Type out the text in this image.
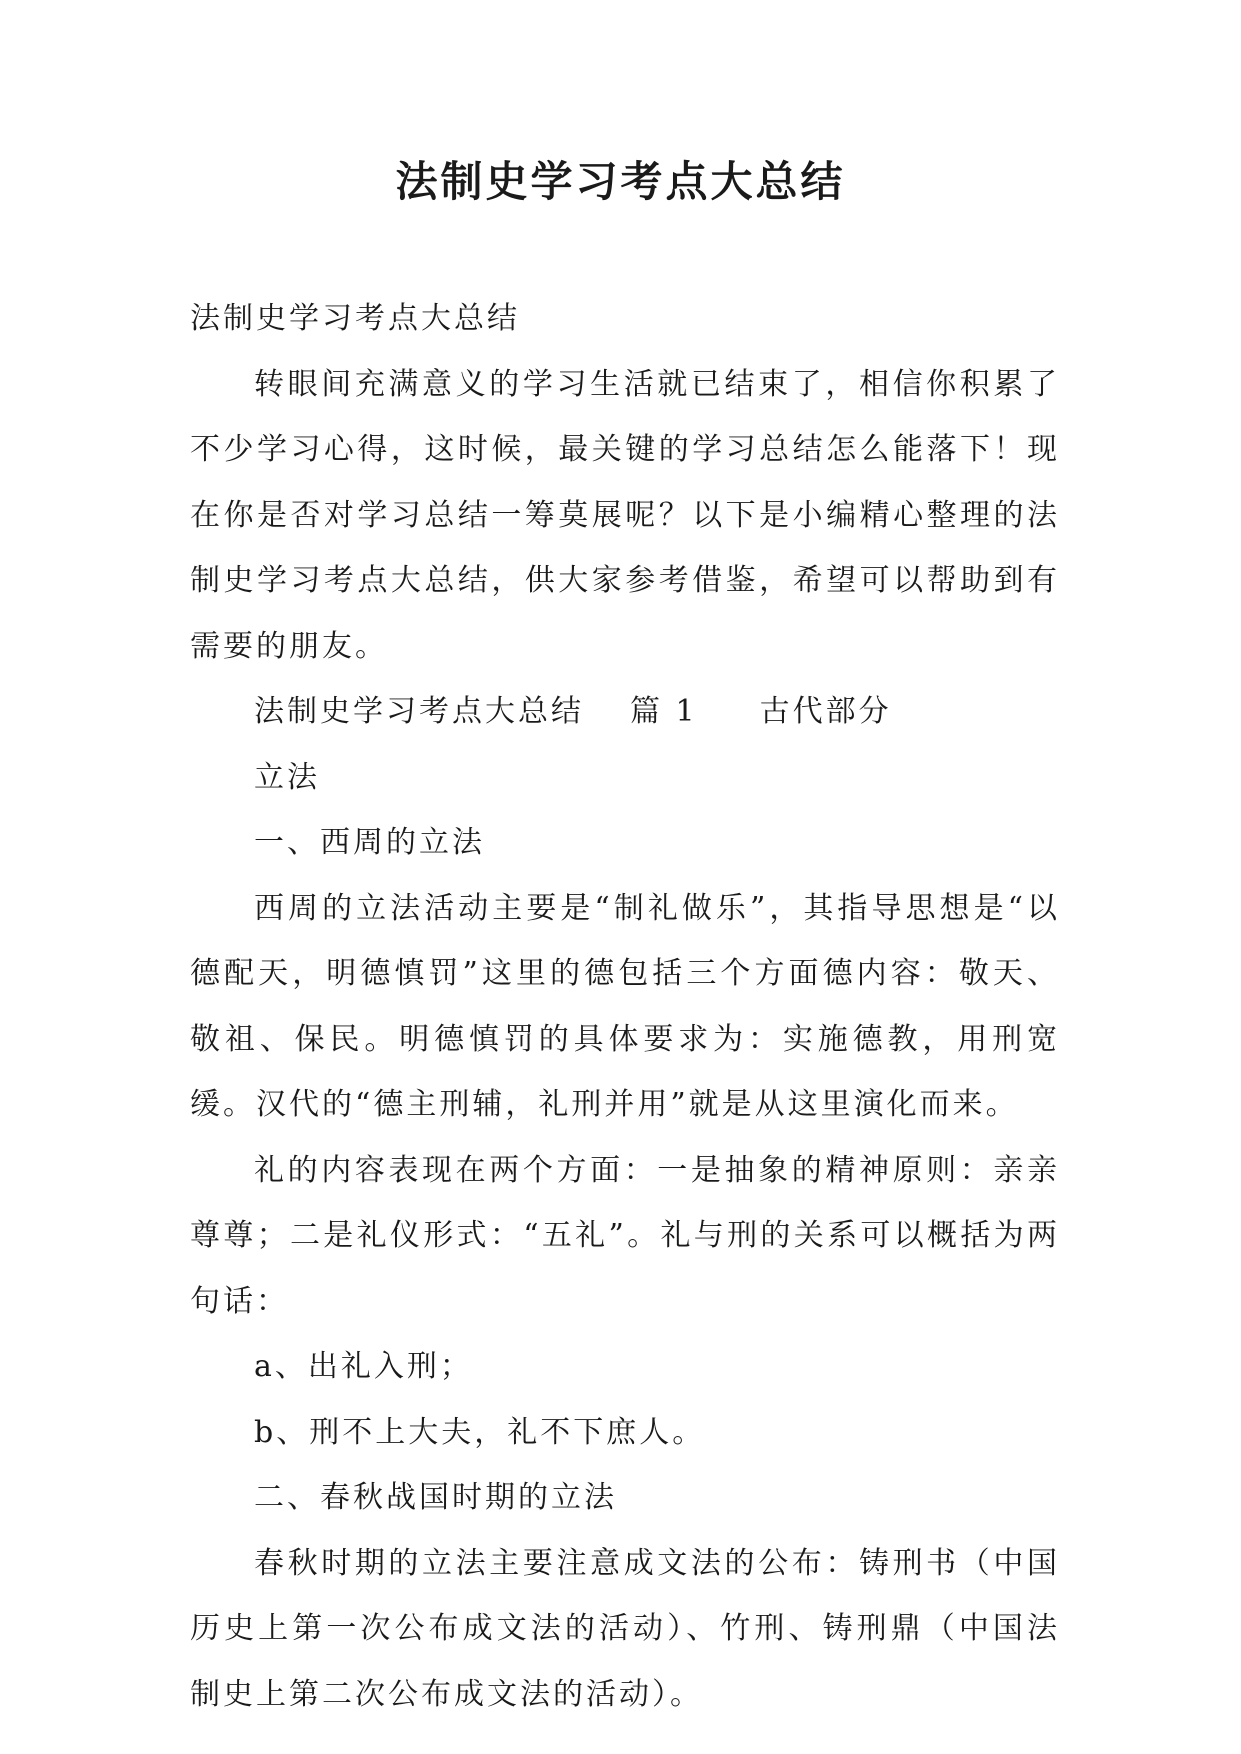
法制史学习考点大总结

法制史学习考点大总结

转眼间充满意义的学习生活就已结束了，相信你积累了不少学习心得，这时候，最关键的学习总结怎么能落下！现在你是否对学习总结一筹莫展呢？以下是小编精心整理的法制史学习考点大总结，供大家参考借鉴，希望可以帮助到有需要的朋友。

法制史学习考点大总结 篇 1 古代部分

立法

一、西周的立法

西周的立法活动主要是“制礼做乐”，其指导思想是“以德配天，明德慎罚”这里的德包括三个方面德内容：敬天、敬祖、保民。明德慎罚的具体要求为：实施德教，用刑宽缓。汉代的“德主刑辅，礼刑并用”就是从这里演化而来。

礼的内容表现在两个方面：一是抽象的精神原则：亲亲尊尊；二是礼仪形式：“五礼”。礼与刑的关系可以概括为两句话：

a、出礼入刑；

b、刑不上大夫，礼不下庶人。

二、春秋战国时期的立法

春秋时期的立法主要注意成文法的公布：铸刑书（中国历史上第一次公布成文法的活动）、竹刑、铸刑鼎（中国法制史上第二次公布成文法的活动）。
